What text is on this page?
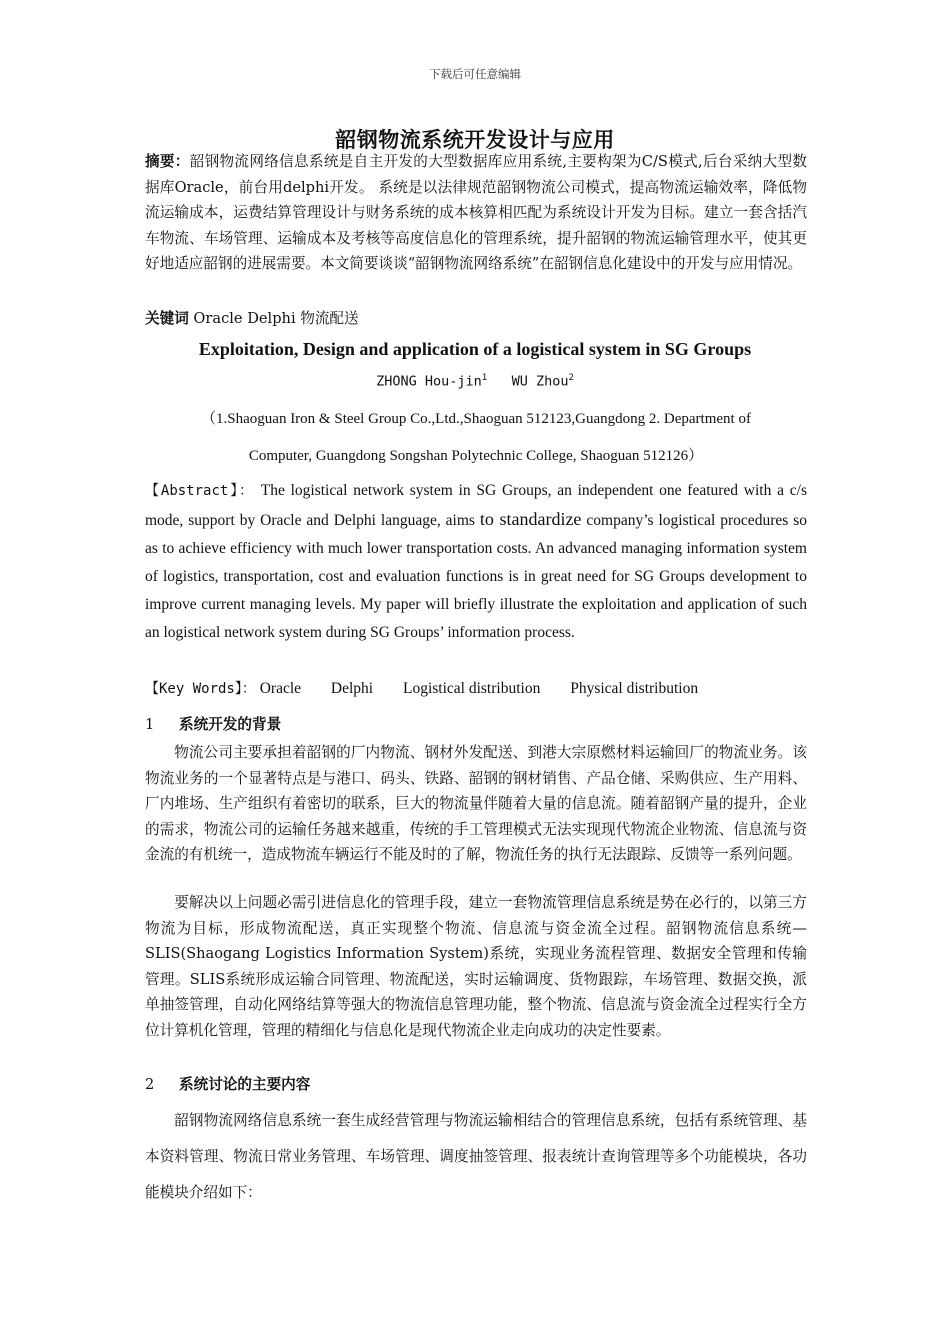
下载后可任意编辑
韶钢物流系统开发设计与应用
摘要：韶钢物流网络信息系统是自主开发的大型数据库应用系统,主要构架为C/S模式,后台采纳大型数据库Oracle，前台用delphi开发。 系统是以法律规范韶钢物流公司模式，提高物流运输效率，降低物流运输成本，运费结算管理设计与财务系统的成本核算相匹配为系统设计开发为目标。建立一套含括汽车物流、车场管理、运输成本及考核等高度信息化的管理系统，提升韶钢的物流运输管理水平，使其更好地适应韶钢的进展需要。本文简要谈谈“韶钢物流网络系统”在韶钢信息化建设中的开发与应用情况。
关键词 Oracle Delphi 物流配送
Exploitation, Design and application of a logistical system in SG Groups
ZHONG Hou-jin$^1$ WU Zhou$^2$
（1.Shaoguan Iron & Steel Group Co.,Ltd.,Shaoguan 512123,Guangdong 2. Department of
Computer, Guangdong Songshan Polytechnic College, Shaoguan 512126）
【Abstract】： The logistical network system in SG Groups, an independent one featured with a c/s mode, support by Oracle and Delphi language, aims to standardize company’s logistical procedures so as to achieve efficiency with much lower transportation costs. An advanced managing information system of logistics, transportation, cost and evaluation functions is in great need for SG Groups development to improve current managing levels. My paper will briefly illustrate the exploitation and application of such an logistical network system during SG Groups’ information process.
【Key Words】： Oracle Delphi Logistical distribution Physical distribution
1 系统开发的背景
物流公司主要承担着韶钢的厂内物流、钢材外发配送、到港大宗原燃材料运输回厂的物流业务。该物流业务的一个显著特点是与港口、码头、铁路、韶钢的钢材销售、产品仓储、采购供应、生产用料、厂内堆场、生产组织有着密切的联系，巨大的物流量伴随着大量的信息流。随着韶钢产量的提升，企业的需求，物流公司的运输任务越来越重，传统的手工管理模式无法实现现代物流企业物流、信息流与资金流的有机统一，造成物流车辆运行不能及时的了解，物流任务的执行无法跟踪、反馈等一系列问题。
要解决以上问题必需引进信息化的管理手段，建立一套物流管理信息系统是势在必行的，以第三方物流为目标，形成物流配送，真正实现整个物流、信息流与资金流全过程。韶钢物流信息系统—SLIS(Shaogang Logistics Information System)系统，实现业务流程管理、数据安全管理和传输管理。SLIS系统形成运输合同管理、物流配送，实时运输调度、货物跟踪，车场管理、数据交换，派单抽签管理，自动化网络结算等强大的物流信息管理功能，整个物流、信息流与资金流全过程实行全方位计算机化管理，管理的精细化与信息化是现代物流企业走向成功的决定性要素。
2 系统讨论的主要内容
韶钢物流网络信息系统一套生成经营管理与物流运输相结合的管理信息系统，包括有系统管理、基本资料管理、物流日常业务管理、车场管理、调度抽签管理、报表统计查询管理等多个功能模块，各功能模块介绍如下：
